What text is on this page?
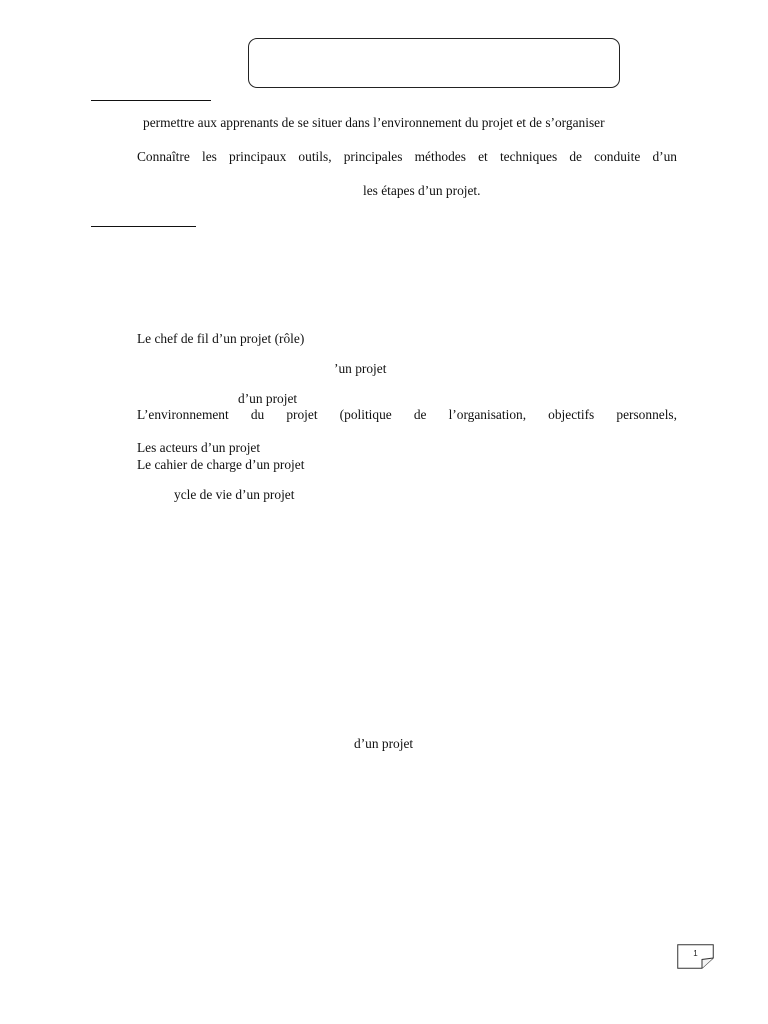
permettre aux apprenants de se situer dans l’environnement du projet et de s’organiser
Connaître les principaux outils, principales méthodes et techniques de conduite d’un
les étapes d’un projet.
Le chef de fil d’un projet (rôle)
’un projet
d’un projet
L’environnement du projet (politique de l’organisation, objectifs personnels,
Les acteurs d’un projet
Le cahier de charge d’un projet
ycle de vie d’un projet
d’un projet
1
